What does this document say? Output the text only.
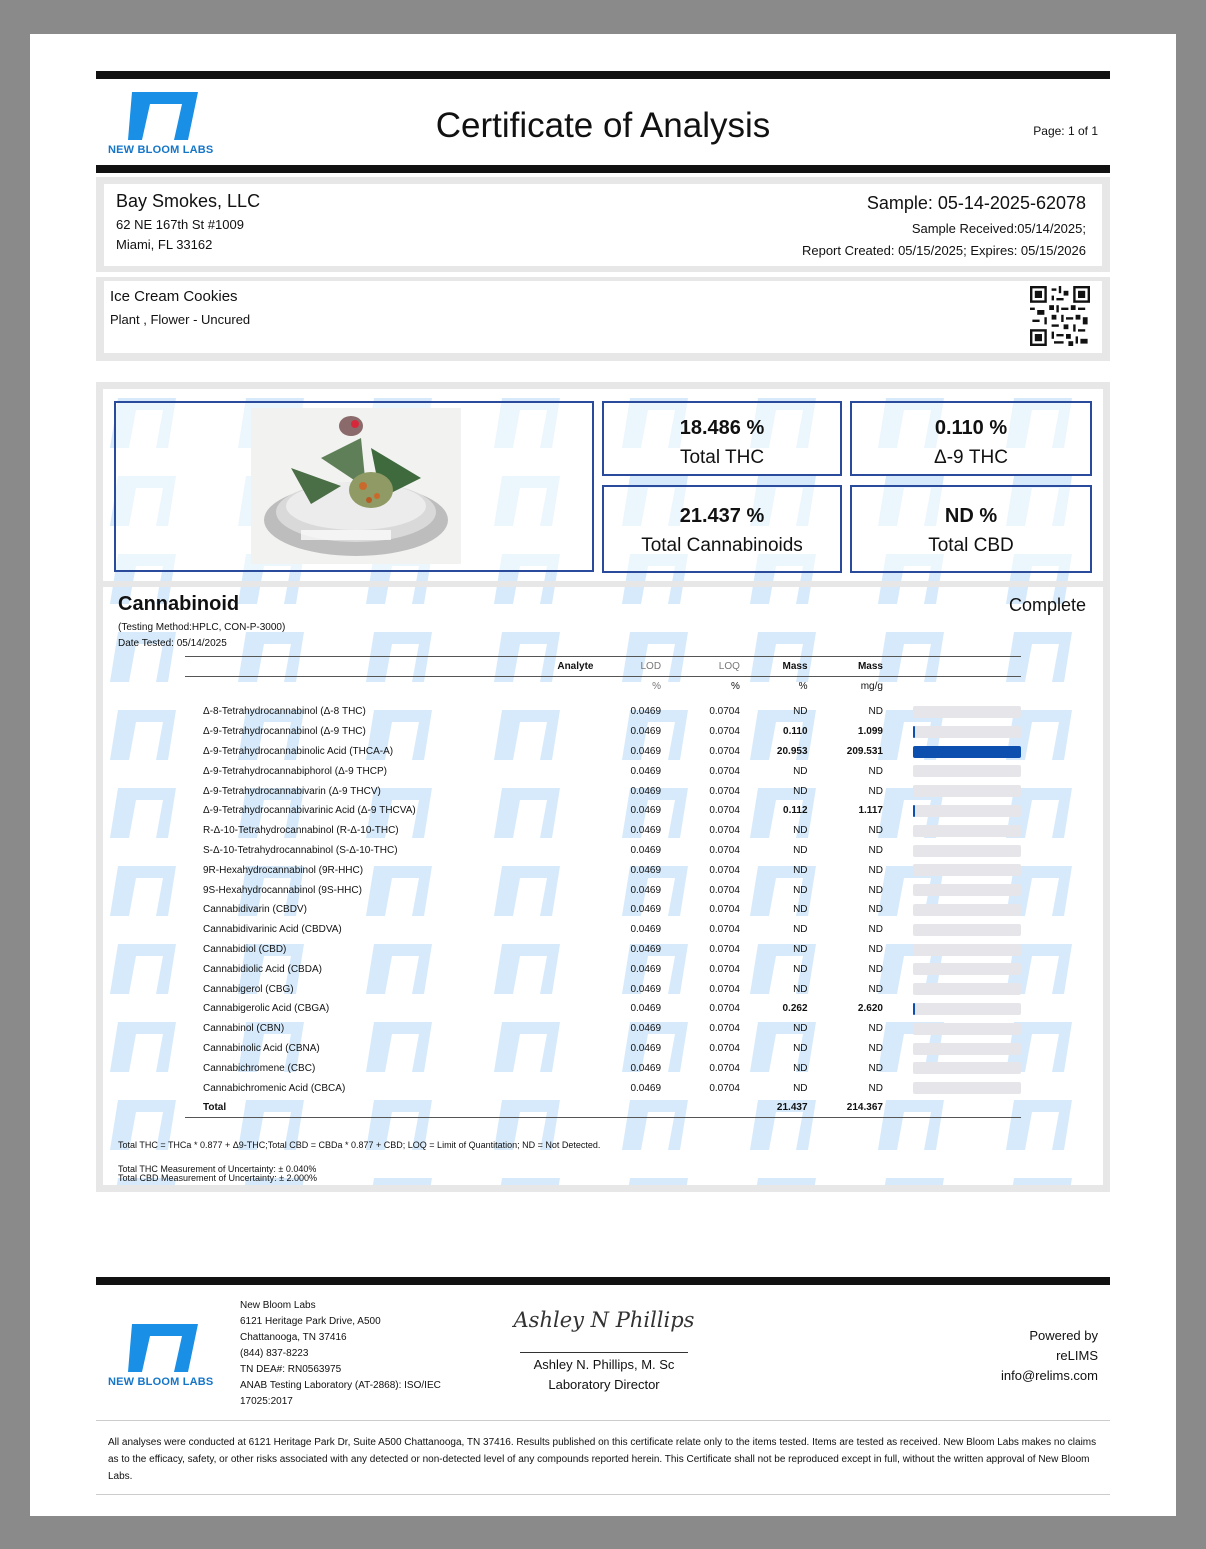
NEW BLOOM LABS
Certificate of Analysis	Page: 1 of 1
Bay Smokes, LLC
62 NE 167th St #1009
Miami, FL 33162
Sample: 05-14-2025-62078
Sample Received:05/14/2025;
Report Created: 05/15/2025; Expires: 05/15/2026
Ice Cream Cookies
Plant , Flower - Uncured
18.486 %
Total THC
0.110 %
Δ-9 THC
21.437 %
Total Cannabinoids
ND %
Total CBD
Cannabinoid	Complete
(Testing Method:HPLC, CON-P-3000)
Date Tested: 05/14/2025
Analyte	LOD	LOQ	Mass	Mass	
	%	%	%	mg/g	

Δ-8-Tetrahydrocannabinol (Δ-8 THC)	0.0469	0.0704	ND	ND	

Δ-9-Tetrahydrocannabinol (Δ-9 THC)	0.0469	0.0704	0.110	1.099	

Δ-9-Tetrahydrocannabinolic Acid (THCA-A)	0.0469	0.0704	20.953	209.531	

Δ-9-Tetrahydrocannabiphorol (Δ-9 THCP)	0.0469	0.0704	ND	ND	

Δ-9-Tetrahydrocannabivarin (Δ-9 THCV)	0.0469	0.0704	ND	ND	

Δ-9-Tetrahydrocannabivarinic Acid (Δ-9 THCVA)	0.0469	0.0704	0.112	1.117	

R-Δ-10-Tetrahydrocannabinol (R-Δ-10-THC)	0.0469	0.0704	ND	ND	

S-Δ-10-Tetrahydrocannabinol (S-Δ-10-THC)	0.0469	0.0704	ND	ND	

9R-Hexahydrocannabinol (9R-HHC)	0.0469	0.0704	ND	ND	

9S-Hexahydrocannabinol (9S-HHC)	0.0469	0.0704	ND	ND	

Cannabidivarin (CBDV)	0.0469	0.0704	ND	ND	

Cannabidivarinic Acid (CBDVA)	0.0469	0.0704	ND	ND	

Cannabidiol (CBD)	0.0469	0.0704	ND	ND	

Cannabidiolic Acid (CBDA)	0.0469	0.0704	ND	ND	

Cannabigerol (CBG)	0.0469	0.0704	ND	ND	

Cannabigerolic Acid (CBGA)	0.0469	0.0704	0.262	2.620	

Cannabinol (CBN)	0.0469	0.0704	ND	ND	

Cannabinolic Acid (CBNA)	0.0469	0.0704	ND	ND	

Cannabichromene (CBC)	0.0469	0.0704	ND	ND	

Cannabichromenic Acid (CBCA)	0.0469	0.0704	ND	ND	

Total			21.437	214.367	
Total THC = THCa * 0.877 + Δ9-THC;Total CBD = CBDa * 0.877 + CBD; LOQ = Limit of Quantitation; ND = Not Detected.
Total THC Measurement of Uncertainty: ± 0.040%
Total CBD Measurement of Uncertainty: ± 2.000%
NEW BLOOM LABS
New Bloom Labs
6121 Heritage Park Drive, A500
Chattanooga, TN 37416
(844) 837-8223
TN DEA#: RN0563975
ANAB Testing Laboratory (AT-2868): ISO/IEC
17025:2017
Ashley N Phillips
Ashley N. Phillips, M. Sc
Laboratory Director
Powered by
reLIMS
info@relims.com
All analyses were conducted at 6121 Heritage Park Dr, Suite A500 Chattanooga, TN 37416. Results published on this certificate relate only to the items tested. Items are tested as received. New Bloom Labs makes no claims as to the efficacy, safety, or other risks associated with any detected or non-detected level of any compounds reported herein. This Certificate shall not be reproduced except in full, without the written approval of New Bloom Labs.
